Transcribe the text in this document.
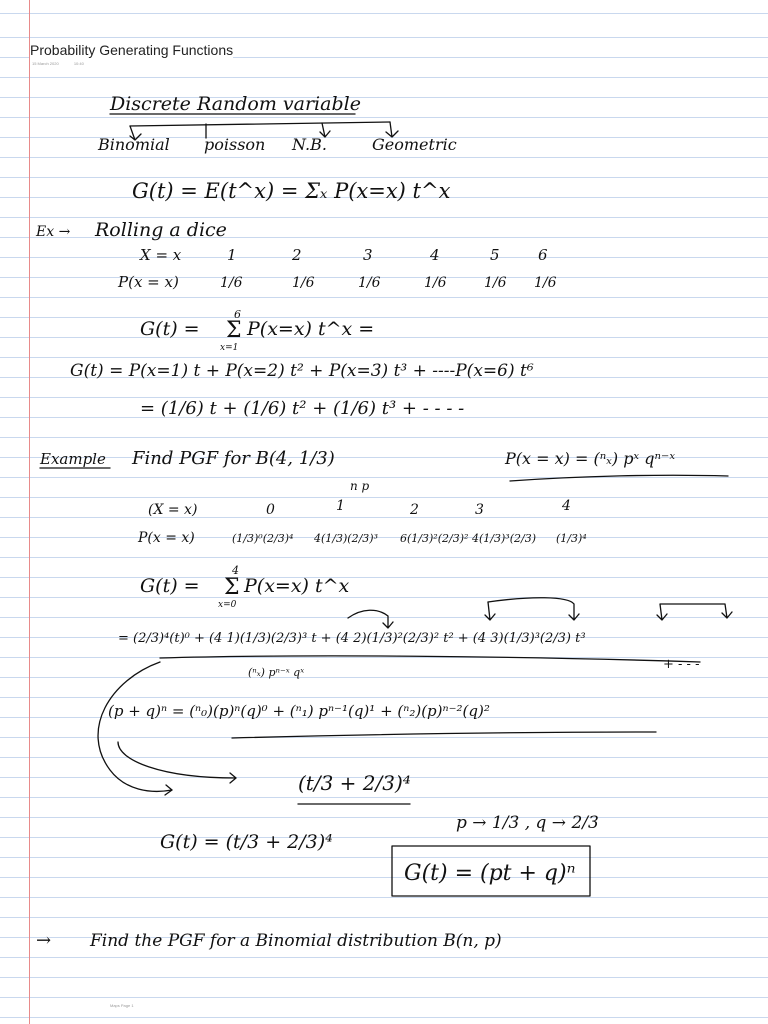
Probability Generating Functions
15 March 2020	10:40
Discrete Random variable
Binomial poisson N.B.	Geometric
G(t) = E(t^x) = Σₓ P(x=x) t^x
Ex → Rolling a dice
X = x	1	2	3	4	5	6
P(x = x)	1/6	1/6	1/6	1/6	1/6 1/6
G(t) =
6
Σ
x=1
P(x=x) t^x =
G(t) = P(x=1) t + P(x=2) t² + P(x=3) t³ + ----P(x=6) t⁶
= (1/6) t + (1/6) t² + (1/6) t³ + - - - -
Example Find PGF for B(4, 1/3)
n p
P(x = x) = (ⁿₓ) pˣ qⁿ⁻ˣ
(X = x)	0	1	2	3	4
P(x = x)	(1/3)⁰(2/3)⁴ 4(1/3)(2/3)³ 6(1/3)²(2/3)² 4(1/3)³(2/3) (1/3)⁴
G(t) =
4
Σ
x=0
P(x=x) t^x
= (2/3)⁴(t)⁰ + (4 1)(1/3)(2/3)³ t + (4 2)(1/3)²(2/3)² t² + (4 3)(1/3)³(2/3) t³
+ - - -
(ⁿₓ) pⁿ⁻ˣ qˣ
(p + q)ⁿ = (ⁿ₀)(p)ⁿ(q)⁰ + (ⁿ₁) pⁿ⁻¹(q)¹ + (ⁿ₂)(p)ⁿ⁻²(q)²
(t/3 + 2/3)⁴
G(t) = (t/3 + 2/3)⁴
p → 1/3 , q → 2/3
G(t) = (pt + q)ⁿ
→ Find the PGF for a Binomial distribution B(n, p)
Maps Page 1
